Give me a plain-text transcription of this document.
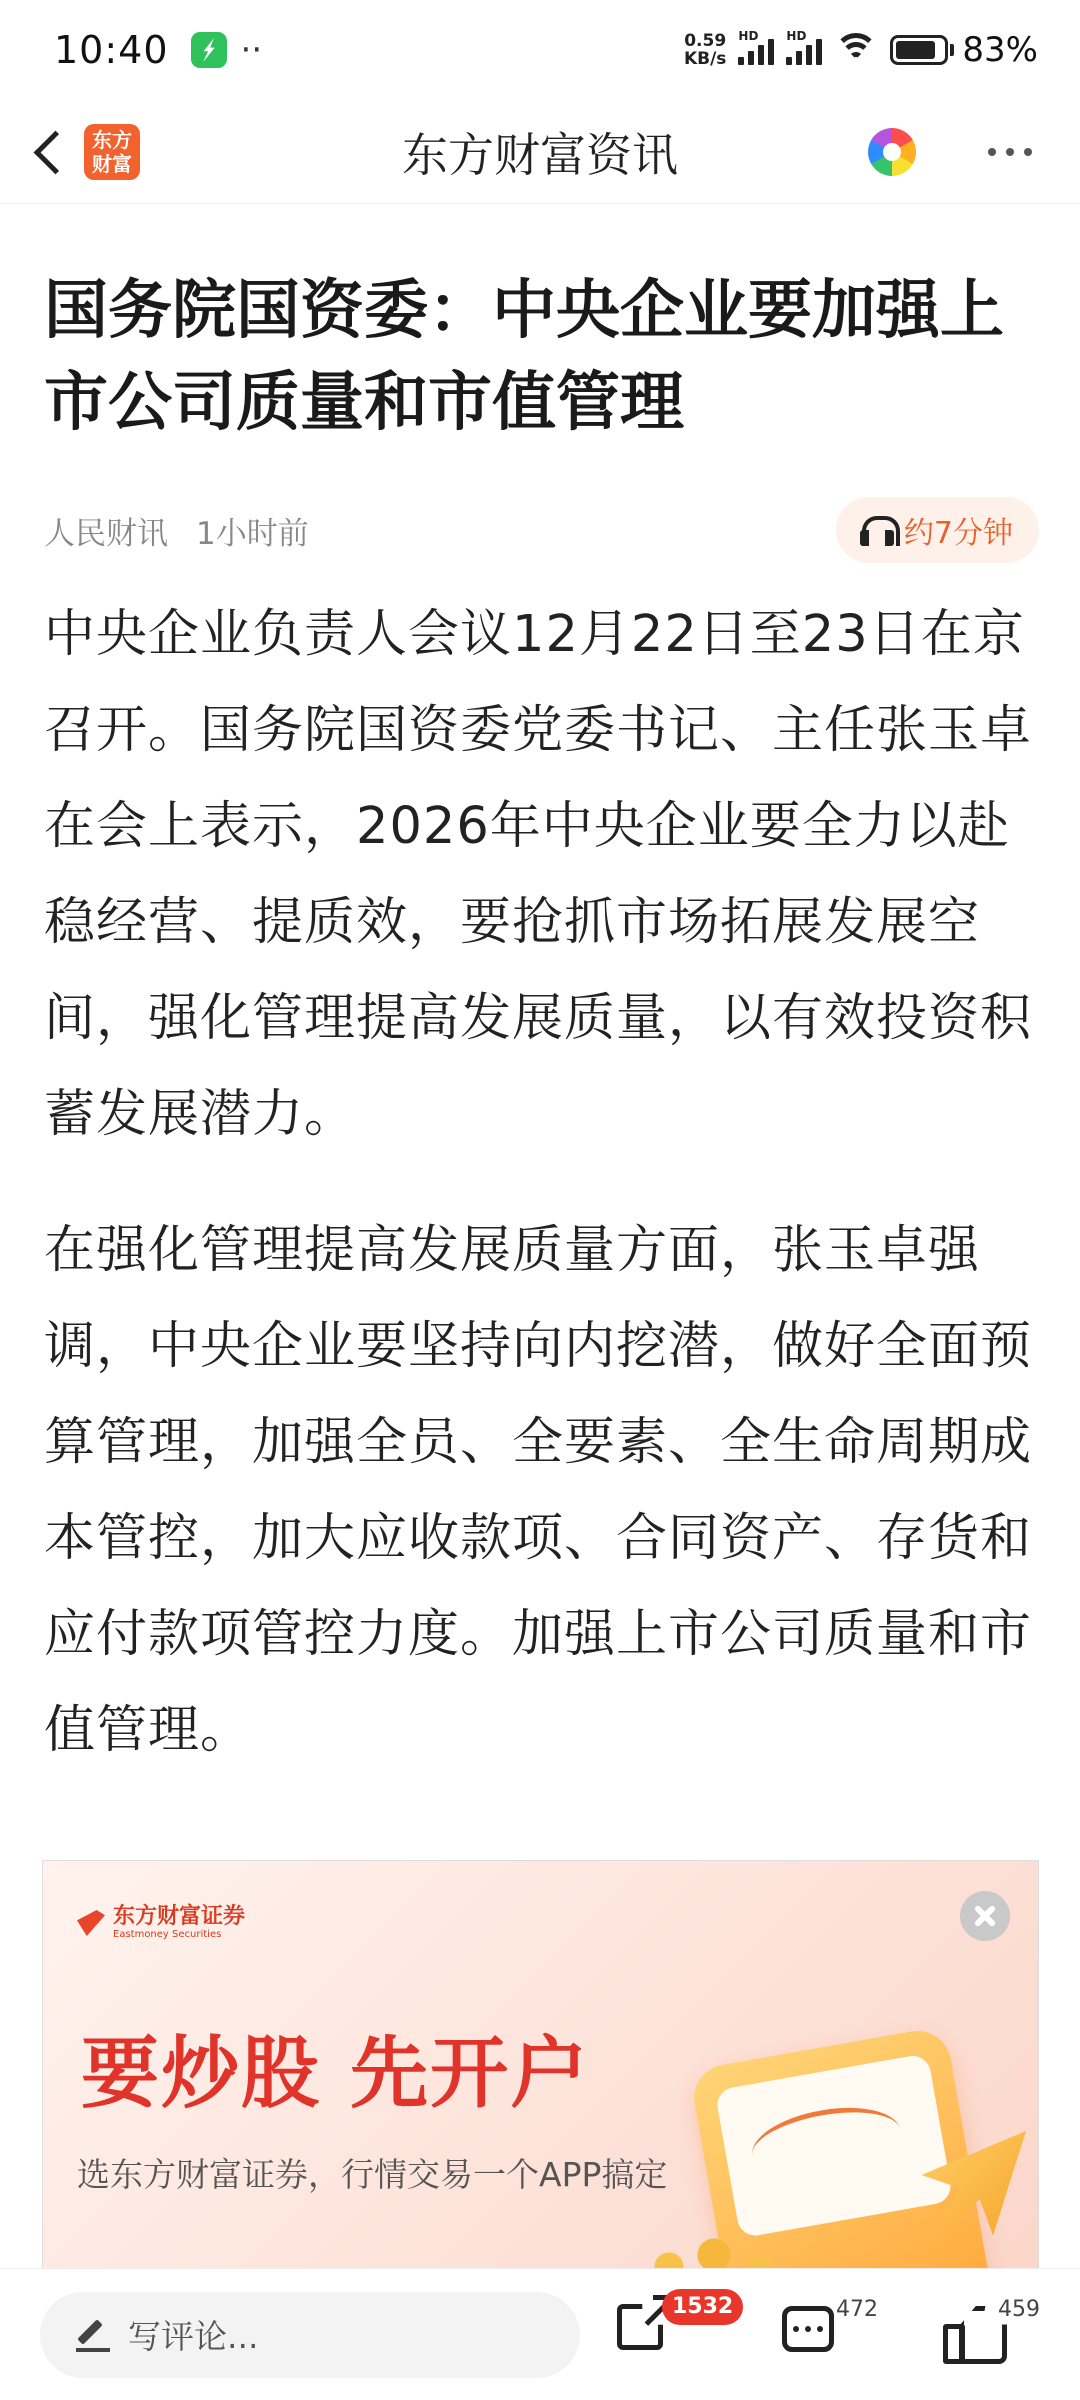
10:40 ··	0.59
KB/s
HD HD	83%
东方
财富	东方财富资讯
国务院国资委：中央企业要加强上市公司质量和市值管理
人民财讯 1小时前	约7分钟

中央企业负责人会议12月22日至23日在京召开。国务院国资委党委书记、主任张玉卓在会上表示，2026年中央企业要全力以赴稳经营、提质效，要抢抓市场拓展发展空间，强化管理提高发展质量，以有效投资积蓄发展潜力。

在强化管理提高发展质量方面，张玉卓强调，中央企业要坚持向内挖潜，做好全面预算管理，加强全员、全要素、全生命周期成本管控，加大应收款项、合同资产、存货和应付款项管控力度。加强上市公司质量和市值管理。

东方财富证券
Eastmoney Securities
要炒股 先开户
选东方财富证券，行情交易一个APP搞定
写评论...
1532	472	459
